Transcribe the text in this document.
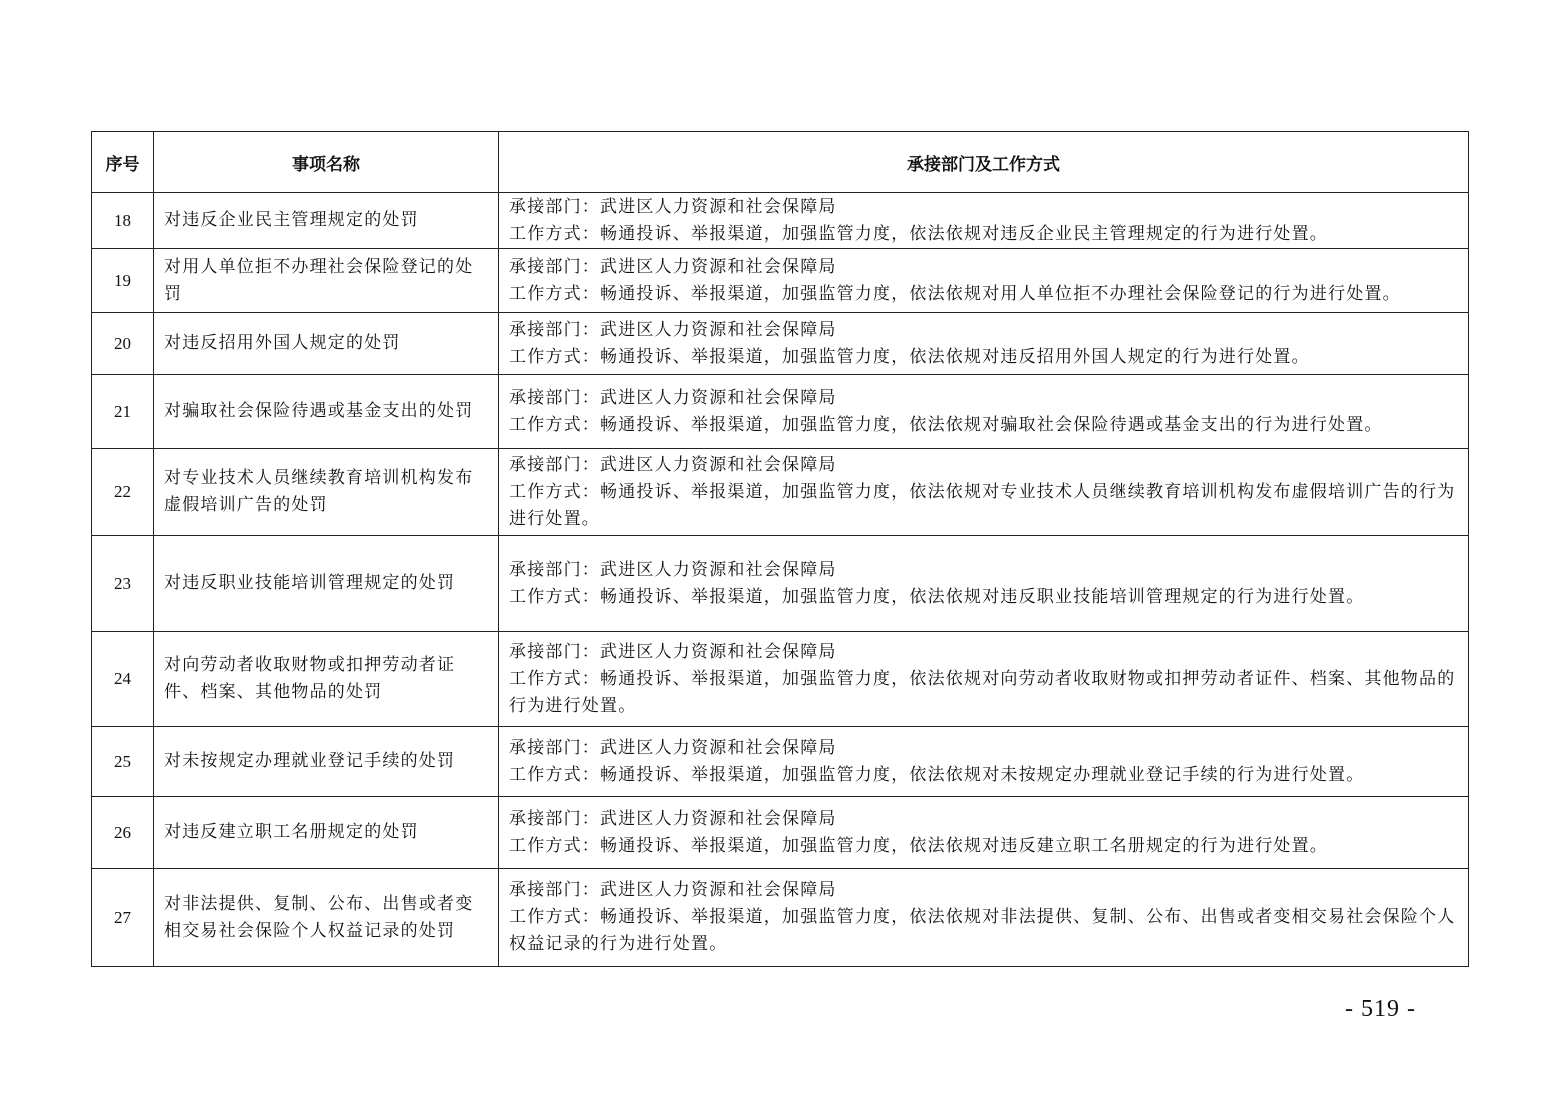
序号	事项名称	承接部门及工作方式
18	对违反企业民主管理规定的处罚	承接部门：武进区人力资源和社会保障局
工作方式：畅通投诉、举报渠道，加强监管力度，依法依规对违反企业民主管理规定的行为进行处置。

19	对用人单位拒不办理社会保险登记的处罚	承接部门：武进区人力资源和社会保障局
工作方式：畅通投诉、举报渠道，加强监管力度，依法依规对用人单位拒不办理社会保险登记的行为进行处置。

20	对违反招用外国人规定的处罚	承接部门：武进区人力资源和社会保障局
工作方式：畅通投诉、举报渠道，加强监管力度，依法依规对违反招用外国人规定的行为进行处置。

21	对骗取社会保险待遇或基金支出的处罚	承接部门：武进区人力资源和社会保障局
工作方式：畅通投诉、举报渠道，加强监管力度，依法依规对骗取社会保险待遇或基金支出的行为进行处置。

22	对专业技术人员继续教育培训机构发布虚假培训广告的处罚	承接部门：武进区人力资源和社会保障局
工作方式：畅通投诉、举报渠道，加强监管力度，依法依规对专业技术人员继续教育培训机构发布虚假培训广告的行为进行处置。

23	对违反职业技能培训管理规定的处罚	承接部门：武进区人力资源和社会保障局
工作方式：畅通投诉、举报渠道，加强监管力度，依法依规对违反职业技能培训管理规定的行为进行处置。

24	对向劳动者收取财物或扣押劳动者证件、档案、其他物品的处罚	承接部门：武进区人力资源和社会保障局
工作方式：畅通投诉、举报渠道，加强监管力度，依法依规对向劳动者收取财物或扣押劳动者证件、档案、其他物品的行为进行处置。

25	对未按规定办理就业登记手续的处罚	承接部门：武进区人力资源和社会保障局
工作方式：畅通投诉、举报渠道，加强监管力度，依法依规对未按规定办理就业登记手续的行为进行处置。

26	对违反建立职工名册规定的处罚	承接部门：武进区人力资源和社会保障局
工作方式：畅通投诉、举报渠道，加强监管力度，依法依规对违反建立职工名册规定的行为进行处置。

27	对非法提供、复制、公布、出售或者变相交易社会保险个人权益记录的处罚	承接部门：武进区人力资源和社会保障局
工作方式：畅通投诉、举报渠道，加强监管力度，依法依规对非法提供、复制、公布、出售或者变相交易社会保险个人权益记录的行为进行处置。
- 519 -
